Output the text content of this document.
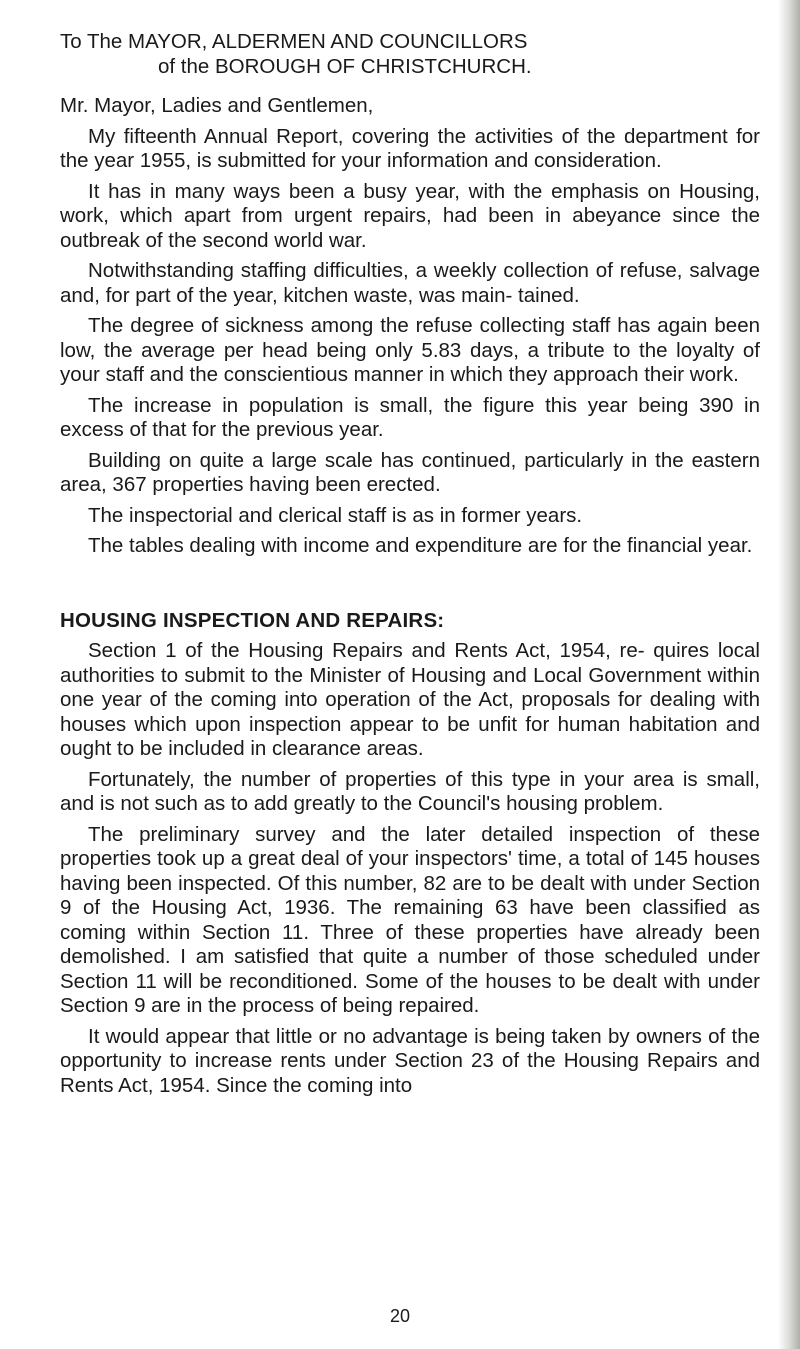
To The MAYOR, ALDERMEN AND COUNCILLORS
of the BOROUGH OF CHRISTCHURCH.
Mr. Mayor, Ladies and Gentlemen,

My fifteenth Annual Report, covering the activities of the department for the year 1955, is submitted for your information and consideration.

It has in many ways been a busy year, with the emphasis on Housing, work, which apart from urgent repairs, had been in abeyance since the outbreak of the second world war.

Notwithstanding staffing difficulties, a weekly collection of refuse, salvage and, for part of the year, kitchen waste, was main- tained.

The degree of sickness among the refuse collecting staff has again been low, the average per head being only 5.83 days, a tribute to the loyalty of your staff and the conscientious manner in which they approach their work.

The increase in population is small, the figure this year being 390 in excess of that for the previous year.

Building on quite a large scale has continued, particularly in the eastern area, 367 properties having been erected.

The inspectorial and clerical staff is as in former years.

The tables dealing with income and expenditure are for the financial year.

HOUSING INSPECTION AND REPAIRS:

Section 1 of the Housing Repairs and Rents Act, 1954, re- quires local authorities to submit to the Minister of Housing and Local Government within one year of the coming into operation of the Act, proposals for dealing with houses which upon inspection appear to be unfit for human habitation and ought to be included in clearance areas.

Fortunately, the number of properties of this type in your area is small, and is not such as to add greatly to the Council's housing problem.

The preliminary survey and the later detailed inspection of these properties took up a great deal of your inspectors' time, a total of 145 houses having been inspected. Of this number, 82 are to be dealt with under Section 9 of the Housing Act, 1936. The remaining 63 have been classified as coming within Section 11. Three of these properties have already been demolished. I am satisfied that quite a number of those scheduled under Section 11 will be reconditioned. Some of the houses to be dealt with under Section 9 are in the process of being repaired.

It would appear that little or no advantage is being taken by owners of the opportunity to increase rents under Section 23 of the Housing Repairs and Rents Act, 1954. Since the coming into

20
